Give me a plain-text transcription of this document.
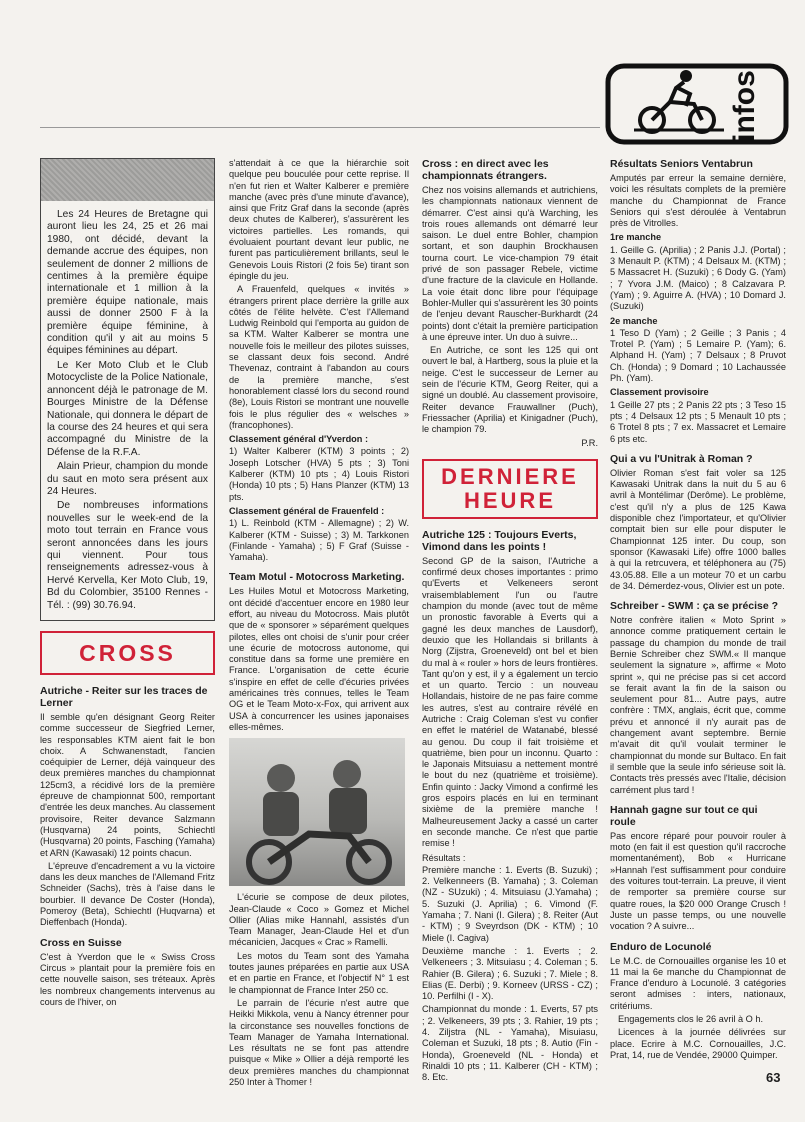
infos

Les 24 Heures de Bretagne qui auront lieu les 24, 25 et 26 mai 1980, ont décidé, devant la demande accrue des équipes, non seulement de donner 2 millions de centimes à la première équipe internationale et 1 million à la première équipe nationale, mais aussi de donner 2500 F à la première équipe féminine, à condition qu'il y ait au moins 5 équipes féminines au départ.

Le Ker Moto Club et le Club Motocycliste de la Police Nationale, annoncent déjà le patronage de M. Bourges Ministre de la Défense Nationale, qui donnera le départ de la course des 24 heures et qui sera accompagné du Ministre de la Défense de la R.F.A.

Alain Prieur, champion du monde du saut en moto sera présent aux 24 Heures.

De nombreuses informations nouvelles sur le week-end de la moto tout terrain en France vous seront annoncées dans les jours qui viennent. Pour tous renseignements adressez-vous à Hervé Kervella, Ker Moto Club, 19, Bd du Colombier, 35100 Rennes - Tél. : (99) 30.76.94.

CROSS
Autriche - Reiter sur les traces de Lerner

Il semble qu'en désignant Georg Reiter comme successeur de Siegfried Lerner, les responsables KTM aient fait le bon choix. A Schwanenstadt, l'ancien coéquipier de Lerner, déjà vainqueur des deux premières manches du championnat 125cm3, a récidivé lors de la première épreuve de championnat 500, remportant d'entrée les deux manches. Au classement provisoire, Reiter devance Salzmann (Husqvarna) 24 points, Schiechtl (Husqvarna) 20 points, Fasching (Yamaha) et ARN (Kawasaki) 12 points chacun.

L'épreuve d'encadrement a vu la victoire dans les deux manches de l'Allemand Fritz Schneider (Sachs), très à l'aise dans le bourbier. Il devance De Coster (Honda), Pomeroy (Beta), Schiechtl (Huqvarna) et Dieffenbach (Honda).

Cross en Suisse

C'est à Yverdon que le « Swiss Cross Circus » plantait pour la première fois en cette nouvelle saison, ses tréteaux. Après les nombreux changements intervenus au cours de l'hiver, on

s'attendait à ce que la hiérarchie soit quelque peu bouculée pour cette reprise. Il n'en fut rien et Walter Kalberer e première manche (avec près d'une minute d'avance), ainsi que Fritz Graf dans la seconde (après deux chutes de Kalberer), s'assurèrent les victoires partielles. Les romands, qui évoluaient pourtant devant leur public, ne furent pas particulièrement brillants, seul le Genevois Louis Ristori (2 fois 5e) tirant son épingle du jeu.

A Frauenfeld, quelques « invités » étrangers prirent place derrière la grille aux côtés de l'élite helvète. C'est l'Allemand Ludwig Reinbold qui l'emporta au guidon de sa KTM. Walter Kalberer se montra une nouvelle fois le meilleur des pilotes suisses, se classant deux fois second. André Thevenaz, contraint à l'abandon au cours de la première manche, s'est honorablement classé lors du second round (8e), Louis Ristori se montrant une nouvelle fois le plus régulier des « welsches » (francophones).

Classement général d'Yverdon :

1) Walter Kalberer (KTM) 3 points ; 2) Joseph Lotscher (HVA) 5 pts ; 3) Toni Kalberer (KTM) 10 pts ; 4) Louis Ristori (Honda) 10 pts ; 5) Hans Planzer (KTM) 13 pts.

Classement général de Frauenfeld :

1) L. Reinbold (KTM - Allemagne) ; 2) W. Kalberer (KTM - Suisse) ; 3) M. Tarkkonen (Finlande - Yamaha) ; 5) F Graf (Suisse - Yamaha).

Team Motul - Motocross Marketing.

Les Huiles Motul et Motocross Marketing, ont décidé d'accentuer encore en 1980 leur effort, au niveau du Motocross. Mais plutôt que de « sponsorer » séparément quelques pilotes, elles ont choisi de s'unir pour créer une écurie de motocross autonome, qui constitue dans sa forme une première en France. L'organisation de cette écurie s'inspire en effet de celle d'écuries privées américaines très connues, telles le Team OG et le Team Moto-x-Fox, qui arrivent aux USA à concurrencer les usines japonaises elles-mêmes.

L'écurie se compose de deux pilotes, Jean-Claude « Coco » Gomez et Michel Ollier (Alias mike Hannahl, assistés d'un Team Manager, Jean-Claude Hel et d'un mécanicien, Jacques « Crac » Ramelli.

Les motos du Team sont des Yamaha toutes jaunes préparées en partie aux USA et en partie en France, et l'objectif N° 1 est le championnat de France Inter 250 cc.

Le parrain de l'écurie n'est autre que Heikki Mikkola, venu à Nancy étrenner pour la circonstance ses nouvelles fonctions de Team Manager de Yamaha International. Les résultats ne se font pas attendre puisque « Mike » Ollier a déjà remporté les deux premières manches du championnat 250 Inter à Thomer !

Cross : en direct avec les championnats étrangers.

Chez nos voisins allemands et autrichiens, les championnats nationaux viennent de démarrer. C'est ainsi qu'à Warching, les trois roues allemands ont démarré leur saison. Le duel entre Bohler, champion sortant, et son dauphin Brockhausen tourna court. Le vice-champion 79 était privé de son passager Rebele, victime d'une fracture de la clavicule en Hollande. La voie était donc libre pour l'équipage Bohler-Muller qui s'assurèrent les 30 points de l'enjeu devant Rauscher-Burkhardt (24 points) dont c'était la première participation à une épreuve inter. Un duo à suivre...

En Autriche, ce sont les 125 qui ont ouvert le bal, à Hartberg, sous la pluie et la neige. C'est le successeur de Lerner au sein de l'écurie KTM, Georg Reiter, qui a signé un doublé. Au classement provisoire, Reiter devance Frauwallner (Puch), Friessacher (Aprilia) et Kinigadner (Puch), le champion 79.

P.R.

DERNIERE HEURE
Autriche 125 : Toujours Everts, Vimond dans les points !

Second GP de la saison, l'Autriche a confirmé deux choses importantes : primo qu'Everts et Velkeneers seront vraisemblablement l'un ou l'autre champion du monde (avec tout de même un pronostic favorable à Everts qui a gagné les deux manches de Lausdorf), deuxio que les Hollandais si brillants à Norg (Zijstra, Groeneveld) ont bel et bien du mal à « rouler » hors de leurs frontières. Tant qu'on y est, il y a également un tercio et un quarto. Tercio : un nouveau Hollandais, histoire de ne pas faire comme les autres, s'est au contraire révélé en Autriche : Craig Coleman s'est vu confier en effet le matériel de Watanabé, blessé au genou. Du coup il fait troisième et quatrième, bien pour un inconnu. Quarto : le Japonais Mitsuiasu a nettement montré le bout du nez (quatrième et troisième). Enfin quinto : Jacky Vimond a confirmé les gros espoirs placés en lui en terminant sixième de la première manche ! Malheureusement Jacky a cassé un carter en seconde manche. Ce n'est que partie remise !

Résultats :

Première manche : 1. Everts (B. Suzuki) ; 2. Velkenneers (B. Yamaha) ; 3. Coleman (NZ - SUzuki) ; 4. Mitsuiasu (J.Yamaha) ; 5. Suzuki (J. Aprilia) ; 6. Vimond (F. Yamaha ; 7. Nani (I. Gilera) ; 8. Reiter (Aut - KTM) ; 9 Sveyrdson (DK - KTM) ; 10 Miele (I. Cagiva)

Deuxième manche : 1. Everts ; 2. Velkeneers ; 3. Mitsuiasu ; 4. Coleman ; 5. Rahier (B. Gilera) ; 6. Suzuki ; 7. Miele ; 8. Elias (E. Derbi) ; 9. Korneev (URSS - CZ) ; 10. Perfilhi (I - X).

Championnat du monde : 1. Everts, 57 pts ; 2. Velkeneers, 39 pts ; 3. Rahier, 19 pts ; 4. Ziljstra (NL - Yamaha), Misuiasu, Coleman et Suzuki, 18 pts ; 8. Autio (Fin - Honda), Groeneveld (NL - Honda) et Rinaldi 10 pts ; 11. Kalberer (CH - KTM) ; 8. Etc.

Résultats Seniors Ventabrun

Amputés par erreur la semaine dernière, voici les résultats complets de la première manche du Championnat de France Seniors qui s'est déroulée à Ventabrun près de Vitrolles.

1re manche

1. Geille G. (Aprilia) ; 2 Panis J.J. (Portal) ; 3 Menault P. (KTM) ; 4 Delsaux M. (KTM) ; 5 Massacret H. (Suzuki) ; 6 Dody G. (Yam) ; 7 Yvora J.M. (Maico) ; 8 Calzavara P. (Yam) ; 9. Aguirre A. (HVA) ; 10 Domard J. (Suzuki)

2e manche

1 Teso D (Yam) ; 2 Geille ; 3 Panis ; 4 Trotel P. (Yam) ; 5 Lemaire P. (Yam); 6. Alphand H. (Yam) ; 7 Delsaux ; 8 Pruvot Ch. (Honda) ; 9 Domard ; 10 Lachaussée Ph. (Yam).

Classement provisoire

1 Geille 27 pts ; 2 Panis 22 pts ; 3 Teso 15 pts ; 4 Delsaux 12 pts ; 5 Menault 10 pts ; 6 Trotel 8 pts ; 7 ex. Massacret et Lemaire 6 pts etc.

Qui a vu l'Unitrak à Roman ?

Olivier Roman s'est fait voler sa 125 Kawasaki Unitrak dans la nuit du 5 au 6 avril à Montélimar (Derôme). Le problème, c'est qu'il n'y a plus de 125 Kawa disponible chez l'importateur, et qu'Olivier comptait bien sur elle pour disputer le Championnat 125 inter. Du coup, son sponsor (Kawasaki Life) offre 1000 balles à qui la retrcuvera, et téléphonera au (75) 43.05.88. Elle a un moteur 70 et un carbu de 34. Démerdez-vous, Olivier est un pote.

Schreiber - SWM : ça se précise ?

Notre confrère italien « Moto Sprint » annonce comme pratiquement certain le passage du champion du monde de trail Bernie Schreiber chez SWM.« Il manque seulement la signature », affirme « Moto sprint », qui ne précise pas si cet accord se ferait avant la fin de la saison ou seulement pour 81... Autre pays, autre confrère : TMX, anglais, écrit que, comme prévu et annoncé il n'y aurait pas de changement avant septembre. Bernie m'avait dit qu'il voulait terminer le championnat du monde sur Bultaco. En fait il semble que la seule info sérieuse soit là. Contacts très pressés avec l'Italie, décision carrément plus tard !

Hannah gagne sur tout ce qui roule

Pas encore réparé pour pouvoir rouler à moto (en fait il est question qu'il raccroche momentanément), Bob « Hurricane »Hannah l'est suffisamment pour conduire des voitures tout-terrain. La preuve, il vient de remporter sa première course sur quatre roues, la $20 000 Orange Crusch ! Juste un passe temps, ou une nouvelle vocation ? A suivre...

Enduro de Locunolé

Le M.C. de Cornouailles organise les 10 et 11 mai la 6e manche du Championnat de France d'enduro à Locunolé. 3 catégories seront admises : inters, nationaux, critériums.

Engagements clos le 26 avril à O h.

Licences à la journée délivrées sur place. Ecrire à M.C. Cornouailles, J.C. Prat, 14, rue de Vendée, 29000 Quimper.

63
